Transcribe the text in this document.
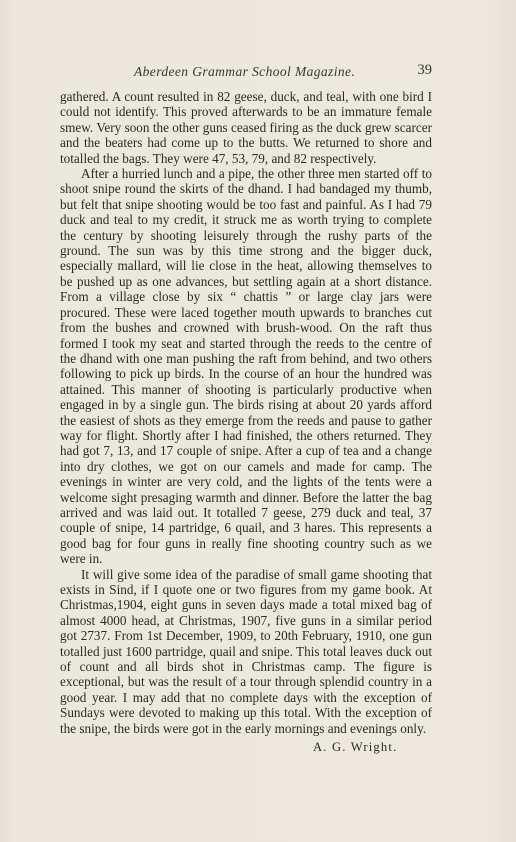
Aberdeen Grammar School Magazine.	39

gathered. A count resulted in 82 geese, duck, and teal, with one bird I could not identify. This proved afterwards to be an immature female smew. Very soon the other guns ceased firing as the duck grew scarcer and the beaters had come up to the butts. We returned to shore and totalled the bags. They were 47, 53, 79, and 82 respectively.

After a hurried lunch and a pipe, the other three men started off to shoot snipe round the skirts of the dhand. I had bandaged my thumb, but felt that snipe shooting would be too fast and painful. As I had 79 duck and teal to my credit, it struck me as worth trying to complete the century by shooting leisurely through the rushy parts of the ground. The sun was by this time strong and the bigger duck, especially mallard, will lie close in the heat, allowing themselves to be pushed up as one advances, but settling again at a short distance. From a village close by six “ chattis ” or large clay jars were procured. These were laced together mouth upwards to branches cut from the bushes and crowned with brush-wood. On the raft thus formed I took my seat and started through the reeds to the centre of the dhand with one man pushing the raft from behind, and two others following to pick up birds. In the course of an hour the hundred was attained. This manner of shooting is particularly productive when engaged in by a single gun. The birds rising at about 20 yards afford the easiest of shots as they emerge from the reeds and pause to gather way for flight. Shortly after I had finished, the others returned. They had got 7, 13, and 17 couple of snipe. After a cup of tea and a change into dry clothes, we got on our camels and made for camp. The evenings in winter are very cold, and the lights of the tents were a welcome sight presaging warmth and dinner. Before the latter the bag arrived and was laid out. It totalled 7 geese, 279 duck and teal, 37 couple of snipe, 14 partridge, 6 quail, and 3 hares. This represents a good bag for four guns in really fine shooting country such as we were in.

It will give some idea of the paradise of small game shooting that exists in Sind, if I quote one or two figures from my game book. At Christmas,1904, eight guns in seven days made a total mixed bag of almost 4000 head, at Christmas, 1907, five guns in a similar period got 2737. From 1st December, 1909, to 20th February, 1910, one gun totalled just 1600 partridge, quail and snipe. This total leaves duck out of count and all birds shot in Christmas camp. The figure is exceptional, but was the result of a tour through splendid country in a good year. I may add that no complete days with the exception of Sundays were devoted to making up this total. With the exception of the snipe, the birds were got in the early mornings and evenings only.

A. G. Wright.
